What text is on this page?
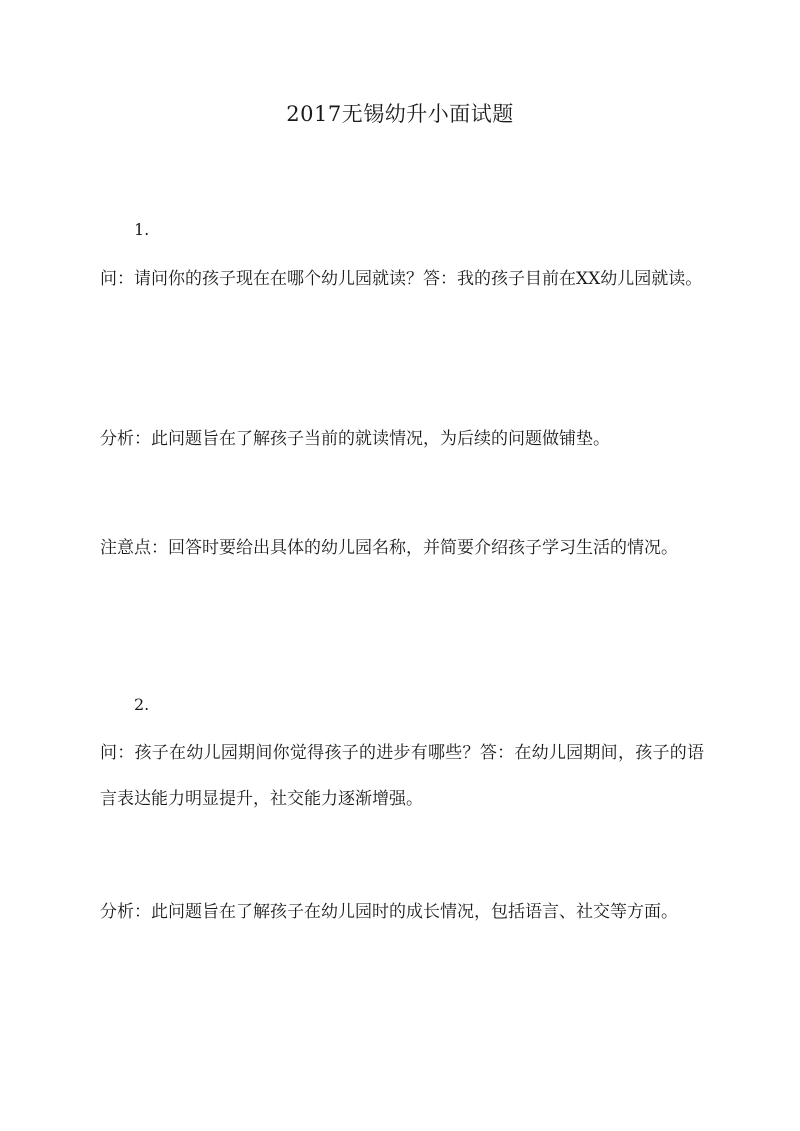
2017无锡幼升小面试题
1.

问：请问你的孩子现在在哪个幼儿园就读？答：我的孩子目前在XX幼儿园就读。

分析：此问题旨在了解孩子当前的就读情况，为后续的问题做铺垫。

注意点：回答时要给出具体的幼儿园名称，并简要介绍孩子学习生活的情况。

2.

问：孩子在幼儿园期间你觉得孩子的进步有哪些？答：在幼儿园期间，孩子的语言表达能力明显提升，社交能力逐渐增强。

分析：此问题旨在了解孩子在幼儿园时的成长情况，包括语言、社交等方面。
